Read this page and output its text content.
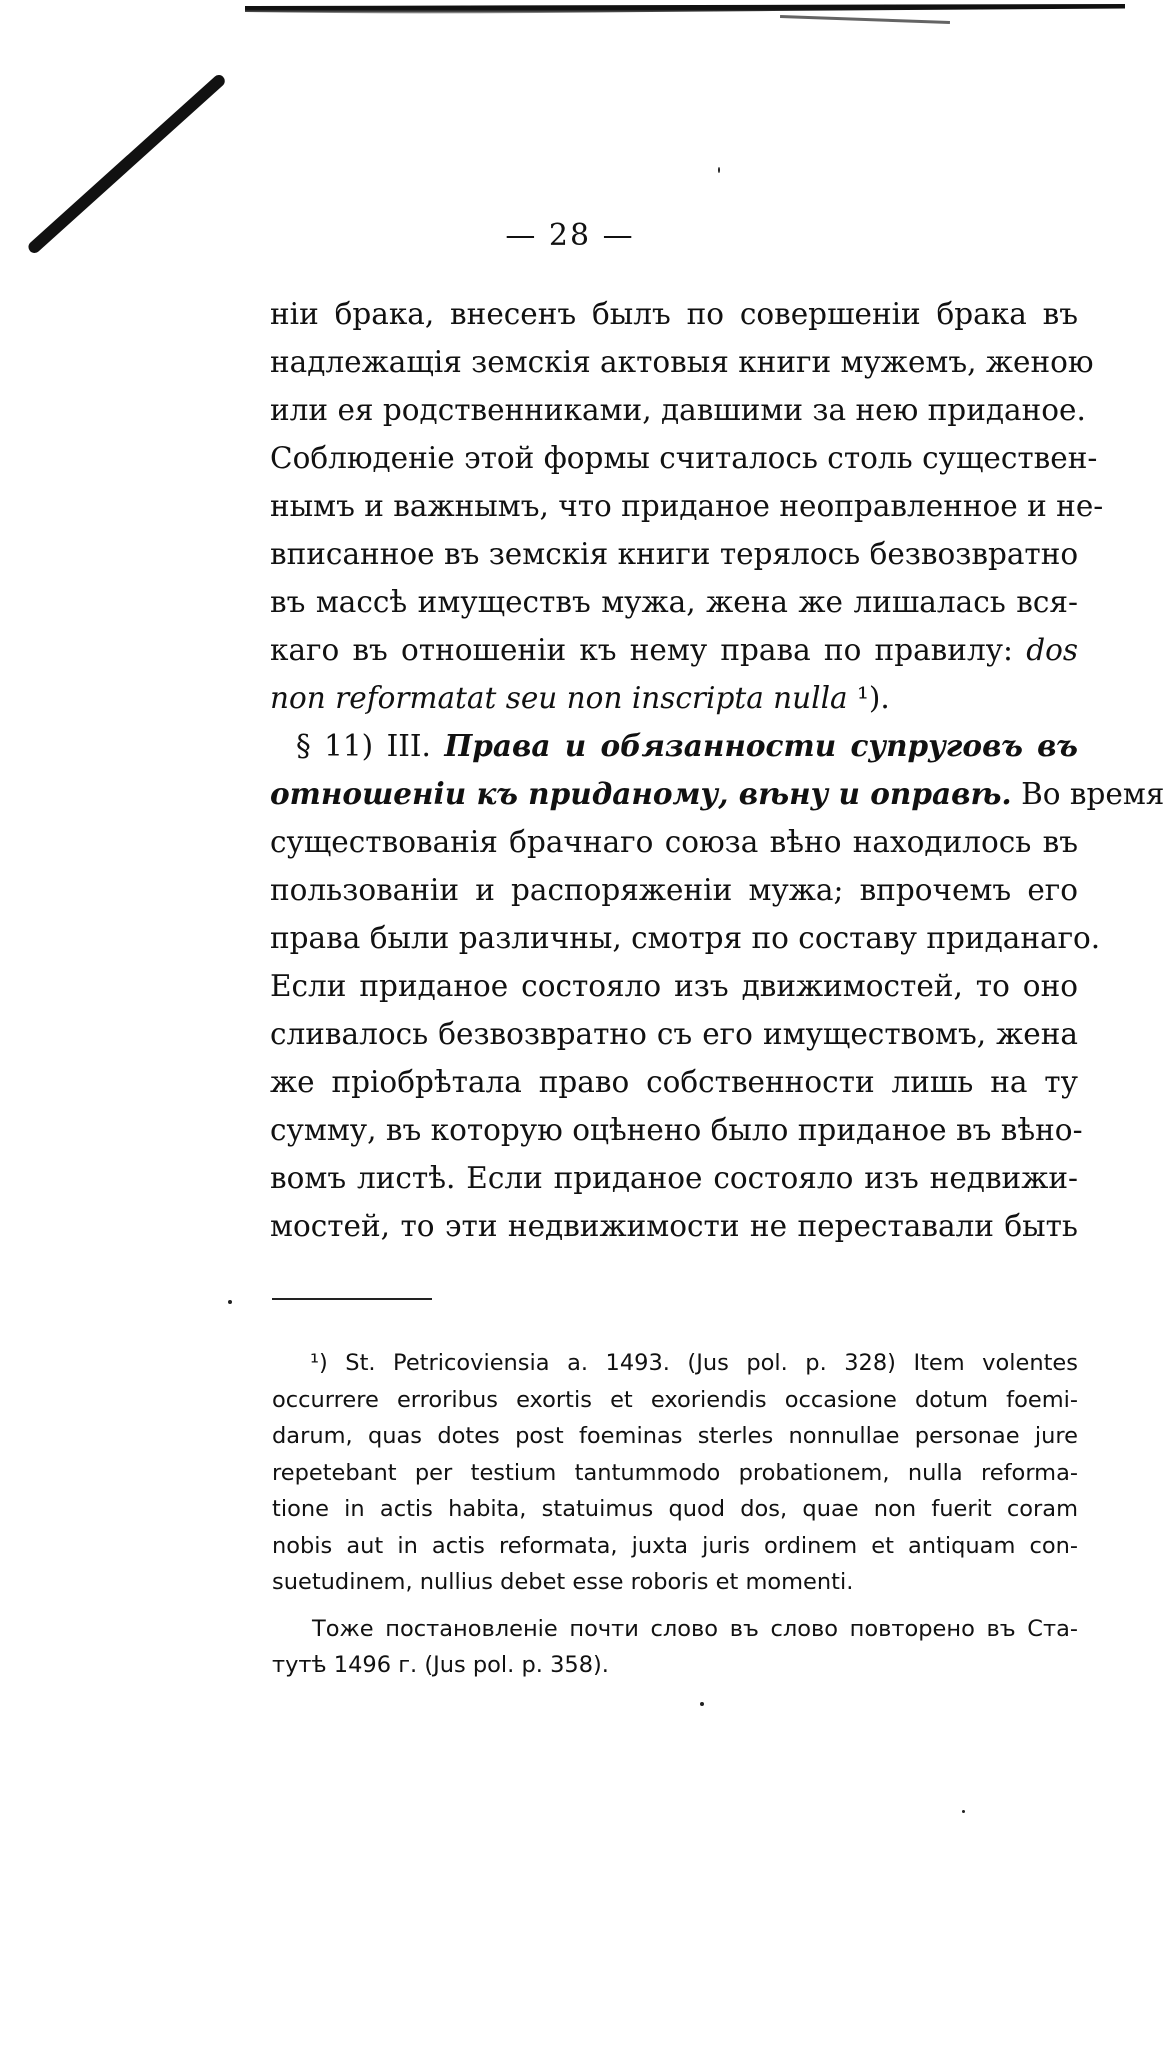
— 28 —
нiи брака, внесенъ былъ по совершенiи брака въ
надлежащiя земскiя актовыя книги мужемъ, женою
или ея родственниками, давшими за нею приданое.
Соблюденiе этой формы считалось столь существен-
нымъ и важнымъ, что приданое неоправленное и не-
вписанное въ земскiя книги терялось безвозвратно
въ массѣ имуществъ мужа, жена же лишалась вся-
каго въ отношенiи къ нему права по правилу: dos
non reformatat seu non inscripta nulla ¹).
§ 11) III. Права и обязанности супруговъ въ
отношенiи къ приданому, вѣну и оправѣ. Во время
существованiя брачнаго союза вѣно находилось въ
пользованiи и распоряженiи мужа; впрочемъ его
права были различны, смотря по составу приданаго.
Если приданое состояло изъ движимостей, то оно
сливалось безвозвратно съ его имуществомъ, жена
же прiобрѣтала право собственности лишь на ту
сумму, въ которую оцѣнено было приданое въ вѣно-
вомъ листѣ. Если приданое состояло изъ недвижи-
мостей, то эти недвижимости не переставали быть
¹) St. Petricoviensia a. 1493. (Jus pol. p. 328) Item volentes
occurrere erroribus exortis et exoriendis occasione dotum foemi-
darum, quas dotes post foeminas sterles nonnullae personae jure
repetebant per testium tantummodo probationem, nulla reforma-
tione in actis habita, statuimus quod dos, quae non fuerit coram
nobis aut in actis reformata, juxta juris ordinem et antiquam con-
suetudinem, nullius debet esse roboris et momenti.
Тоже постановленiе почти слово въ слово повторено въ Ста-
тутѣ 1496 г. (Jus pol. p. 358).
